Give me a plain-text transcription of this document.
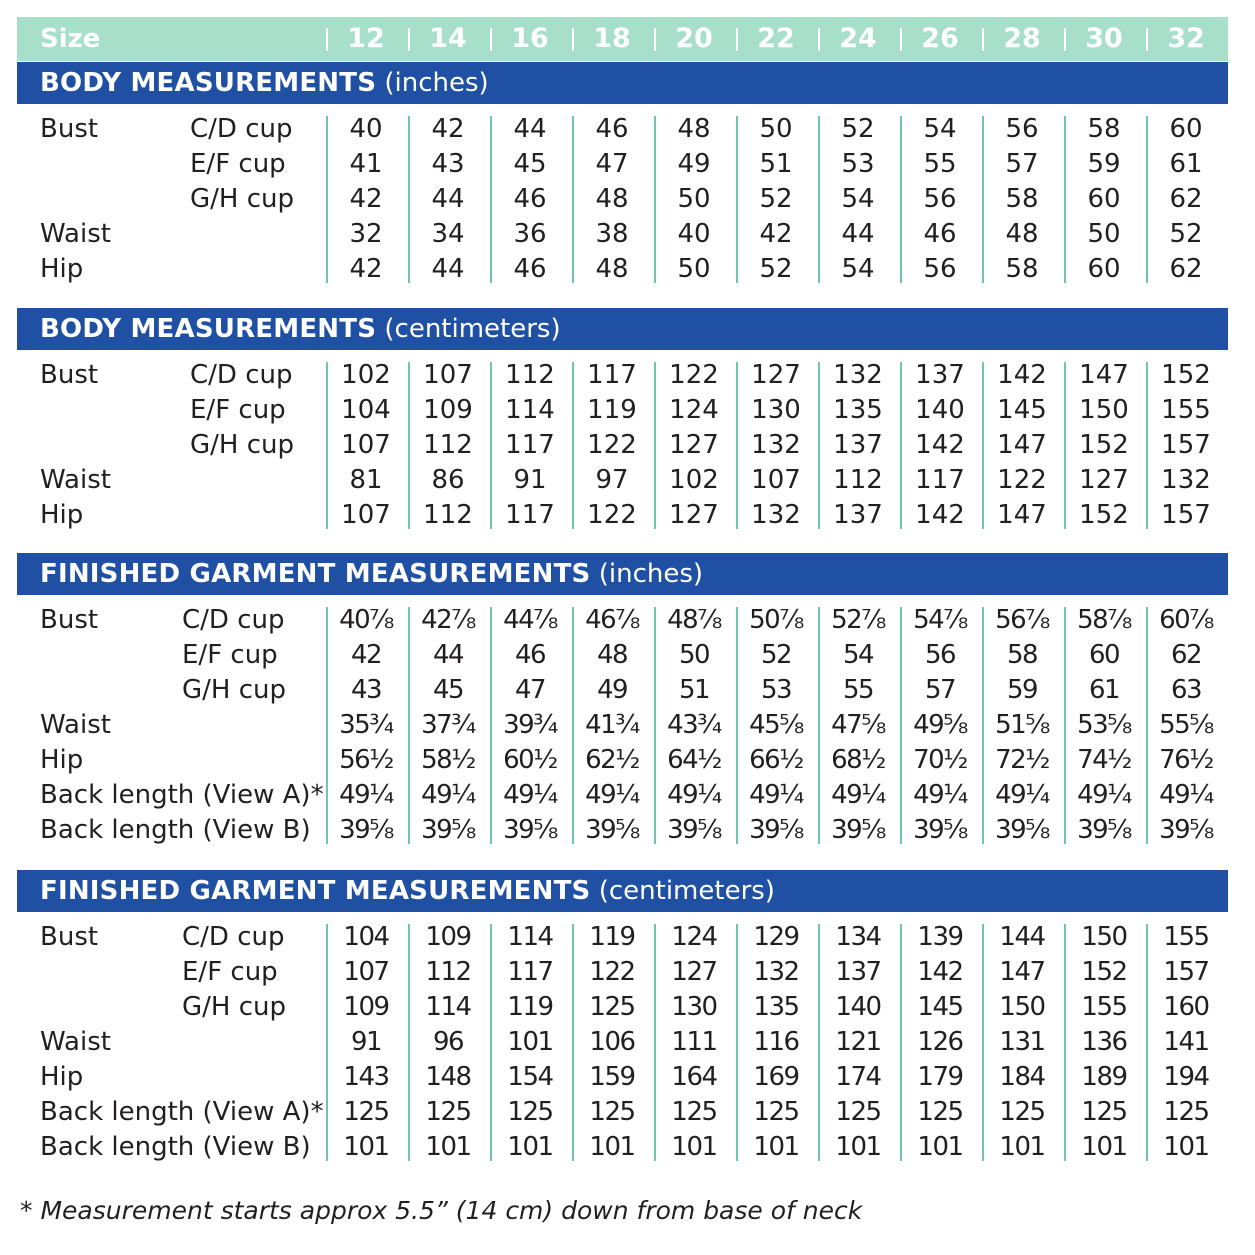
Size	12	14	16	18	20	22	24	26	28	30	32
BODY MEASUREMENTS (inches)
Bust	C/D cup	40	42	44	46	48	50	52	54	56	58	60
E/F cup	41	43	45	47	49	51	53	55	57	59	61
G/H cup	42	44	46	48	50	52	54	56	58	60	62
Waist	32	34	36	38	40	42	44	46	48	50	52
Hip	42	44	46	48	50	52	54	56	58	60	62
BODY MEASUREMENTS (centimeters)
Bust	C/D cup	102	107	112	117	122	127	132	137	142	147	152
E/F cup	104	109	114	119	124	130	135	140	145	150	155
G/H cup	107	112	117	122	127	132	137	142	147	152	157
Waist	81	86	91	97	102	107	112	117	122	127	132
Hip	107	112	117	122	127	132	137	142	147	152	157
FINISHED GARMENT MEASUREMENTS (inches)
Bust	C/D cup	40⅞	42⅞	44⅞	46⅞	48⅞	50⅞	52⅞	54⅞	56⅞	58⅞	60⅞
E/F cup	42	44	46	48	50	52	54	56	58	60	62
G/H cup	43	45	47	49	51	53	55	57	59	61	63
Waist	35¾	37¾	39¾	41¾	43¾	45⅝	47⅝	49⅝	51⅝	53⅝	55⅝
Hip	56½	58½	60½	62½	64½	66½	68½	70½	72½	74½	76½
Back length (View A)* 49¼	49¼	49¼	49¼	49¼	49¼	49¼	49¼	49¼	49¼	49¼
Back length (View B)	39⅝	39⅝	39⅝	39⅝	39⅝	39⅝	39⅝	39⅝	39⅝	39⅝	39⅝
FINISHED GARMENT MEASUREMENTS (centimeters)
Bust	C/D cup	104	109	114	119	124	129	134	139	144	150	155
E/F cup	107	112	117	122	127	132	137	142	147	152	157
G/H cup	109	114	119	125	130	135	140	145	150	155	160
Waist	91	96	101	106	111	116	121	126	131	136	141
Hip	143	148	154	159	164	169	174	179	184	189	194
Back length (View A)* 125	125	125	125	125	125	125	125	125	125	125
Back length (View B)	101	101	101	101	101	101	101	101	101	101	101
* Measurement starts approx 5.5” (14 cm) down from base of neck
